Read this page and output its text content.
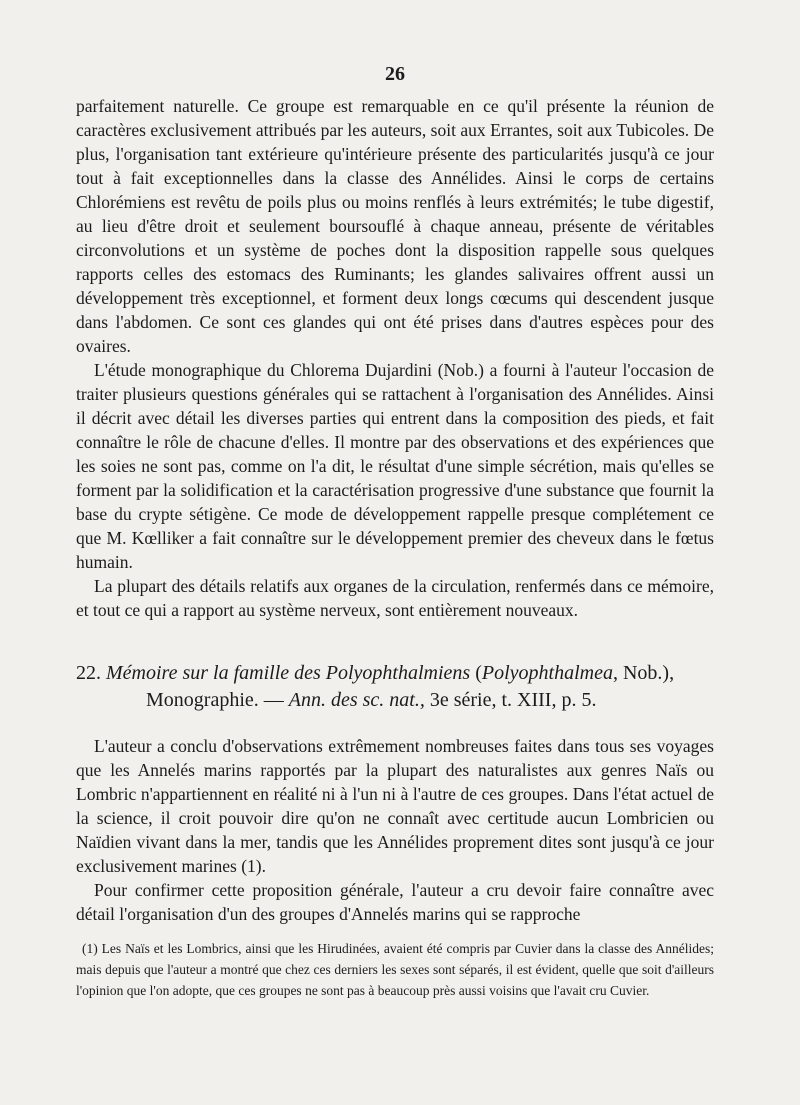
26

parfaitement naturelle. Ce groupe est remarquable en ce qu'il présente la réunion de caractères exclusivement attribués par les auteurs, soit aux Errantes, soit aux Tubicoles. De plus, l'organisation tant extérieure qu'intérieure présente des particularités jusqu'à ce jour tout à fait exceptionnelles dans la classe des Annélides. Ainsi le corps de certains Chlorémiens est revêtu de poils plus ou moins renflés à leurs extrémités; le tube digestif, au lieu d'être droit et seulement boursouflé à chaque anneau, présente de véritables circonvolutions et un système de poches dont la disposition rappelle sous quelques rapports celles des estomacs des Ruminants; les glandes salivaires offrent aussi un développement très exceptionnel, et forment deux longs cœcums qui descendent jusque dans l'abdomen. Ce sont ces glandes qui ont été prises dans d'autres espèces pour des ovaires.

L'étude monographique du Chlorema Dujardini (Nob.) a fourni à l'auteur l'occasion de traiter plusieurs questions générales qui se rattachent à l'organisation des Annélides. Ainsi il décrit avec détail les diverses parties qui entrent dans la composition des pieds, et fait connaître le rôle de chacune d'elles. Il montre par des observations et des expériences que les soies ne sont pas, comme on l'a dit, le résultat d'une simple sécrétion, mais qu'elles se forment par la solidification et la caractérisation progressive d'une substance que fournit la base du crypte sétigène. Ce mode de développement rappelle presque complétement ce que M. Kœlliker a fait connaître sur le développement premier des cheveux dans le fœtus humain.

La plupart des détails relatifs aux organes de la circulation, renfermés dans ce mémoire, et tout ce qui a rapport au système nerveux, sont entièrement nouveaux.

22. Mémoire sur la famille des Polyophthalmiens (Polyophthalmea, Nob.),
Monographie. — Ann. des sc. nat., 3e série, t. XIII, p. 5.

L'auteur a conclu d'observations extrêmement nombreuses faites dans tous ses voyages que les Annelés marins rapportés par la plupart des naturalistes aux genres Naïs ou Lombric n'appartiennent en réalité ni à l'un ni à l'autre de ces groupes. Dans l'état actuel de la science, il croit pouvoir dire qu'on ne connaît avec certitude aucun Lombricien ou Naïdien vivant dans la mer, tandis que les Annélides proprement dites sont jusqu'à ce jour exclusivement marines (1).

Pour confirmer cette proposition générale, l'auteur a cru devoir faire connaître avec détail l'organisation d'un des groupes d'Annelés marins qui se rapproche

(1) Les Naïs et les Lombrics, ainsi que les Hirudinées, avaient été compris par Cuvier dans la classe des Annélides; mais depuis que l'auteur a montré que chez ces derniers les sexes sont séparés, il est évident, quelle que soit d'ailleurs l'opinion que l'on adopte, que ces groupes ne sont pas à beaucoup près aussi voisins que l'avait cru Cuvier.
